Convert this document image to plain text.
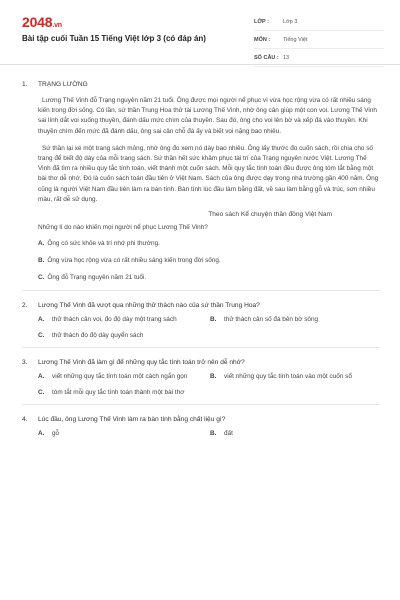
2048.vn
Bài tập cuối Tuần 15 Tiếng Việt lớp 3 (có đáp án)
LỚP :	Lớp 3
MÔN :	Tiếng Việt
SỐ CÂU : 13
1. TRẠNG LƯỜNG

Lương Thế Vinh đỗ Trạng nguyên năm 21 tuổi. Ông được mọi người nể phục vì vừa học rộng vừa có rất nhiều sáng kiến trong đời sống. Có lần, sứ thần Trung Hoa thử tài Lương Thế Vinh, nhờ ông cân giúp một con voi. Lương Thế Vinh sai lính dắt voi xuống thuyền, đánh dấu mức chìm của thuyền. Sau đó, ông cho voi lên bờ và xếp đá vào thuyền. Khi thuyền chìm đến mức đã đánh dấu, ông sai cân chỗ đá ấy và biết voi nặng bao nhiêu.

Sứ thần lại xé một trang sách mỏng, nhờ ông đo xem nó dày bao nhiêu. Ông lấy thước đo cuốn sách, rồi chia cho số trang để biết độ dày của mỗi trang sách. Sứ thần hết sức khâm phục tài trí của Trạng nguyên nước Việt. Lương Thế Vinh đã tìm ra nhiều quy tắc tính toán, viết thành một cuốn sách. Mỗi quy tắc tính toán đều được ông tóm tắt bằng một bài thơ dễ nhớ. Đó là cuốn sách toán đầu tiên ở Việt Nam. Sách của ông được dạy trong nhà trường gần 400 năm. Ông cũng là người Việt Nam đầu tiên làm ra bàn tính. Bàn tính lúc đầu làm bằng đất, về sau làm bằng gỗ và trúc, sơn nhiều màu, rất dễ sử dụng.

Theo sách Kể chuyện thần đồng Việt Nam
Những lí do nào khiến mọi người nể phục Lương Thế Vinh?
A. Ông có sức khỏe và trí nhớ phi thường.
B. Ông vừa học rộng vừa có rất nhiều sáng kiến trong đời sống.
C. Ông đỗ Trạng nguyên năm 21 tuổi.
2. Lương Thế Vinh đã vượt qua những thử thách nào của sứ thần Trung Hoa?
A.	thử thách cân voi, đo độ dày một trang sách	B.	thử thách cân số đá bên bờ sông
C.	thử thách đo độ dày quyển sách
3. Lương Thế Vinh đã làm gì để những quy tắc tính toán trở nên dễ nhớ?
A.	viết những quy tắc tính toán một cách ngắn gọn	B.	viết những quy tắc tính toán vào một cuốn sổ
C.	tóm tắt mỗi quy tắc tính toán thành một bài thơ
4. Lúc đầu, ông Lương Thế Vinh làm ra bàn tính bằng chất liệu gì?
A.	gỗ	B.	đất
